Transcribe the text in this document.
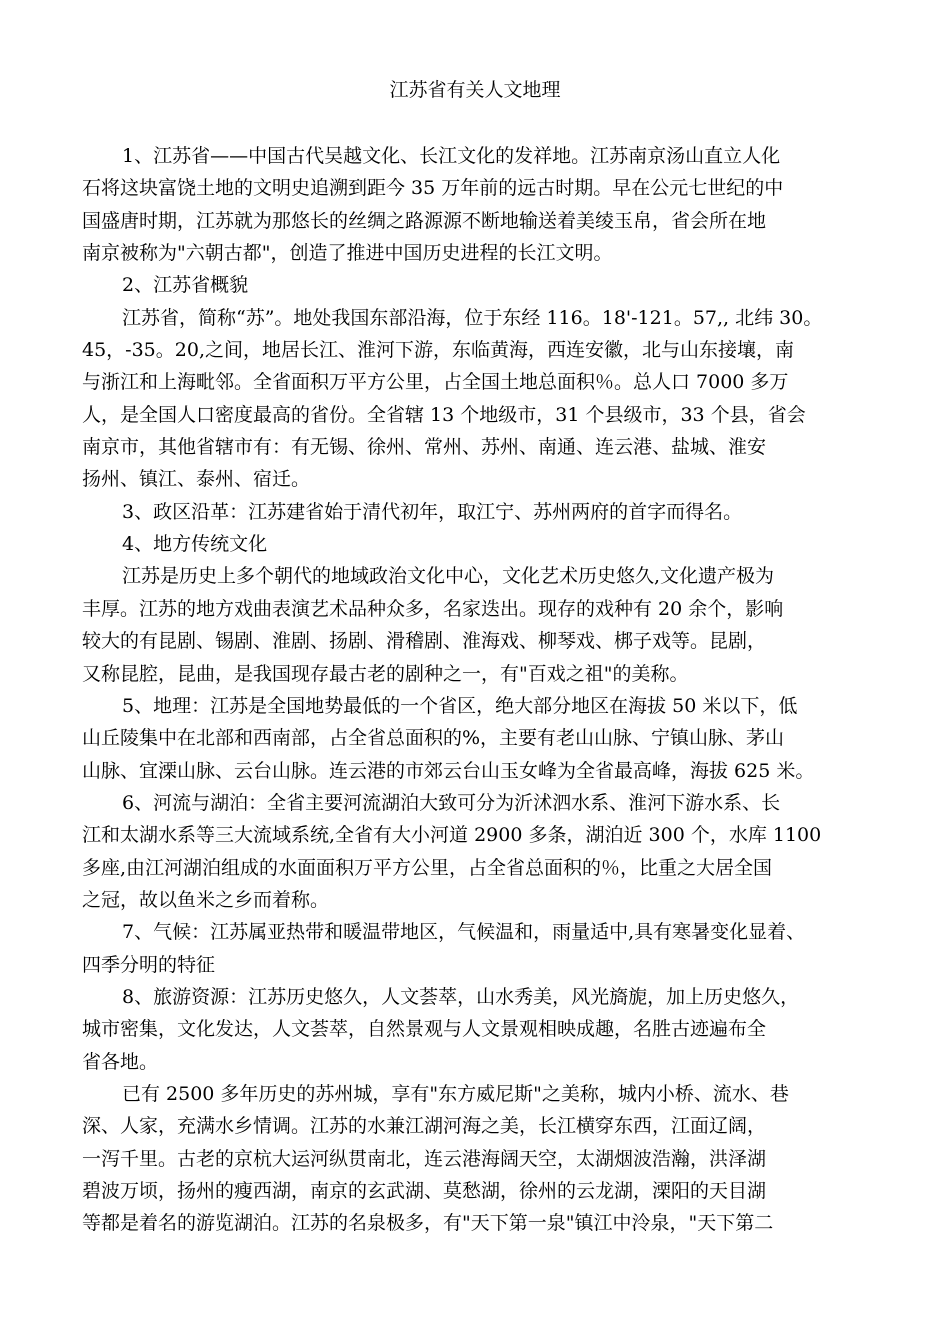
江苏省有关人文地理

1、江苏省——中国古代吴越文化、长江文化的发祥地。江苏南京汤山直立人化

石将这块富饶土地的文明史追溯到距今 35 万年前的远古时期。早在公元七世纪的中

国盛唐时期，江苏就为那悠长的丝绸之路源源不断地输送着美绫玉帛，省会所在地

南京被称为"六朝古都"，创造了推进中国历史进程的长江文明。

2、江苏省概貌

江苏省，简称“苏”。地处我国东部沿海，位于东经 116。18'-121。57,, 北纬 30。

45，-35。20,之间，地居长江、淮河下游，东临黄海，西连安徽，北与山东接壤，南

与浙江和上海毗邻。全省面积万平方公里，占全国土地总面积％。总人口 7000 多万

人，是全国人口密度最高的省份。全省辖 13 个地级市，31 个县级市，33 个县，省会

南京市，其他省辖市有：有无锡、徐州、常州、苏州、南通、连云港、盐城、淮安

扬州、镇江、泰州、宿迁。

3、政区沿革：江苏建省始于清代初年，取江宁、苏州两府的首字而得名。

4、地方传统文化

江苏是历史上多个朝代的地域政治文化中心，文化艺术历史悠久,文化遗产极为

丰厚。江苏的地方戏曲表演艺术品种众多，名家迭出。现存的戏种有 20 余个，影响

较大的有昆剧、锡剧、淮剧、扬剧、滑稽剧、淮海戏、柳琴戏、梆子戏等。昆剧，

又称昆腔，昆曲，是我国现存最古老的剧种之一，有"百戏之祖"的美称。

5、地理：江苏是全国地势最低的一个省区，绝大部分地区在海拔 50 米以下，低

山丘陵集中在北部和西南部，占全省总面积的%，主要有老山山脉、宁镇山脉、茅山

山脉、宜溧山脉、云台山脉。连云港的市郊云台山玉女峰为全省最高峰，海拔 625 米。

6、河流与湖泊：全省主要河流湖泊大致可分为沂沭泗水系、淮河下游水系、长

江和太湖水系等三大流域系统,全省有大小河道 2900 多条，湖泊近 300 个，水库 1100

多座,由江河湖泊组成的水面面积万平方公里，占全省总面积的％，比重之大居全国

之冠，故以鱼米之乡而着称。

7、气候：江苏属亚热带和暖温带地区，气候温和，雨量适中,具有寒暑变化显着、

四季分明的特征

8、旅游资源：江苏历史悠久，人文荟萃，山水秀美，风光旖旎，加上历史悠久，

城市密集，文化发达，人文荟萃，自然景观与人文景观相映成趣，名胜古迹遍布全

省各地。

已有 2500 多年历史的苏州城，享有"东方威尼斯"之美称，城内小桥、流水、巷

深、人家，充满水乡情调。江苏的水兼江湖河海之美，长江横穿东西，江面辽阔，

一泻千里。古老的京杭大运河纵贯南北，连云港海阔天空，太湖烟波浩瀚，洪泽湖

碧波万顷，扬州的瘦西湖，南京的玄武湖、莫愁湖，徐州的云龙湖，溧阳的天目湖

等都是着名的游览湖泊。江苏的名泉极多，有"天下第一泉"镇江中泠泉，"天下第二
